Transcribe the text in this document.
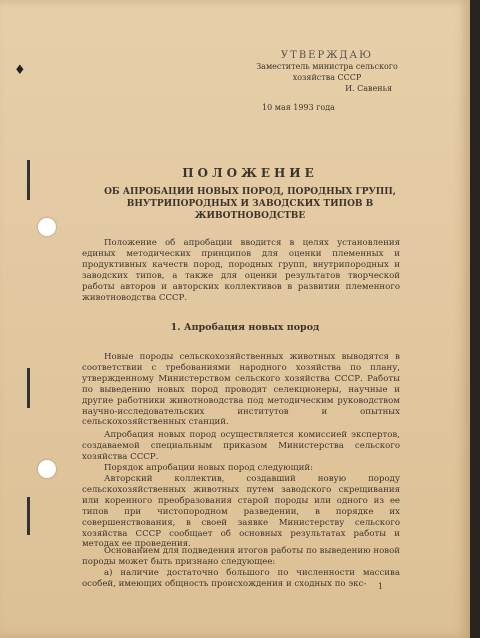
♦
УТВЕРЖДАЮ
Заместитель министра сельского
хозяйства СССР
И. Савенья
10 мая 1993 года
ПОЛОЖЕНИЕ
ОБ АПРОБАЦИИ НОВЫХ ПОРОД, ПОРОДНЫХ ГРУПП, ВНУТРИПОРОДНЫХ И ЗАВОДСКИХ ТИПОВ В ЖИВОТНОВОДСТВЕ
Положение об апробации вводится в целях установления единых методических принципов для оценки племенных и продуктивных качеств пород, породных групп, внутрипородных и заводских типов, а также для оценки результатов творческой работы авторов и авторских коллективов в развитии племенного животноводства СССР.
1. Апробация новых пород
Новые породы сельскохозяйственных животных выводятся в соответствии с требованиями народного хозяйства по плану, утвержденному Министерством сельского хозяйства СССР. Работы по выведению новых пород проводят селекционеры, научные и другие работники животноводства под методическим руководством научно-исследовательских институтов и опытных сельскохозяйственных станций.
Апробация новых пород осуществляется комиссией экспертов, создаваемой специальным приказом Министерства сельского хозяйства СССР.
Порядок апробации новых пород следующий:
Авторский коллектив, создавший новую породу сельскохозяйственных животных путем заводского скрещивания или коренного преобразования старой породы или одного из ее типов при чистопородном разведении, в порядке их совершенствования, в своей заявке Министерству сельского хозяйства СССР сообщает об основных результатах работы и методах ее проведения.
Основанием для подведения итогов работы по выведению новой породы может быть признано следующее:
а) наличие достаточно большого по численности массива особей, имеющих общность происхождения и сходных по экс-	1
